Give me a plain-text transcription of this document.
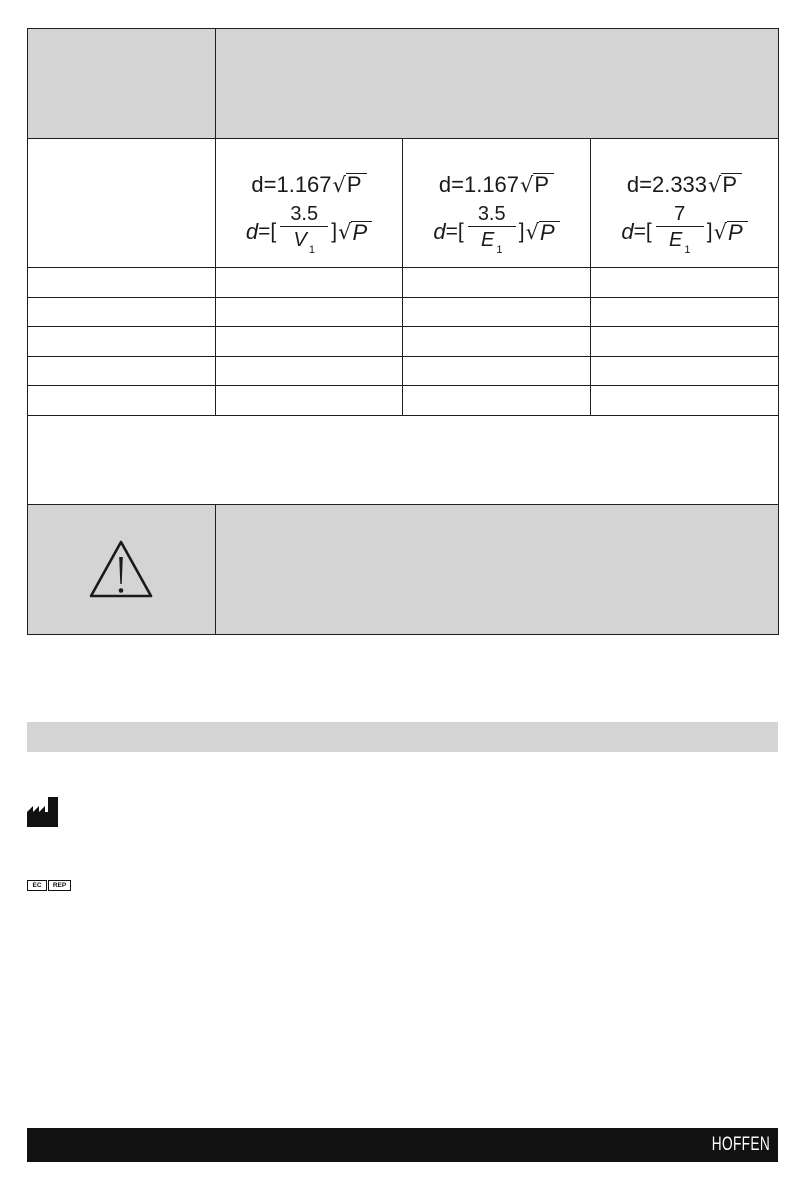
d=1.167 √ P
d =[ $\frac{3.5}{V _1}$ ] √ P
d=1.167 √ P
d =[ $\frac{3.5}{E _1}$ ] √ P
d=2.333 √ P
d =[ $\frac{7}{E _1}$ ] √ P
EC	REP
HOFFEN
